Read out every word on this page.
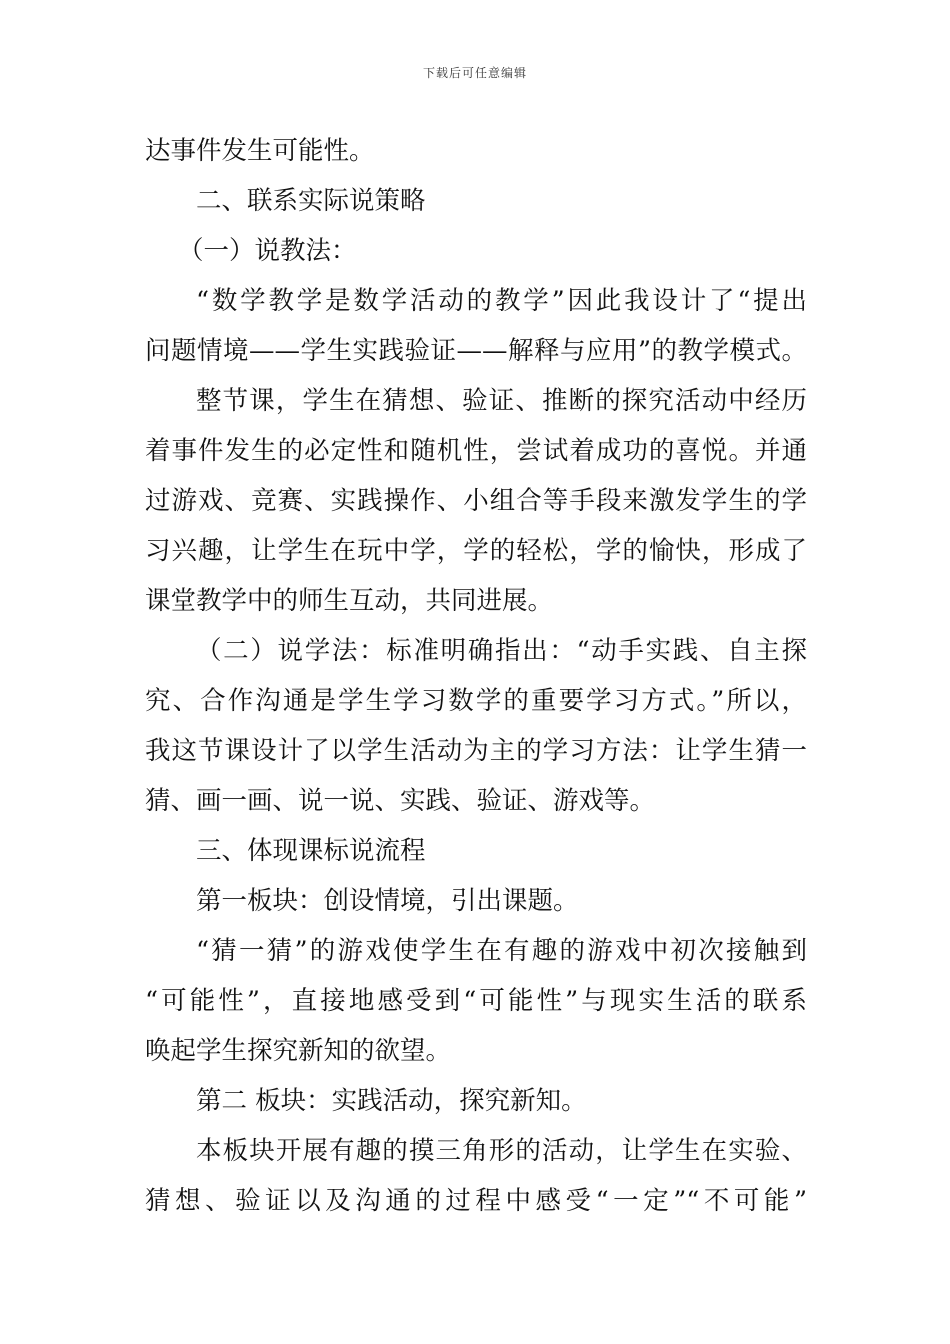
下载后可任意编辑
达事件发生可能性。
二、联系实际说策略
（一）说教法：
“数学教学是数学活动的教学”因此我设计了“提出
问题情境——学生实践验证——解释与应用”的教学模式。
整节课，学生在猜想、验证、推断的探究活动中经历
着事件发生的必定性和随机性，尝试着成功的喜悦。并通
过游戏、竞赛、实践操作、小组合等手段来激发学生的学
习兴趣，让学生在玩中学，学的轻松，学的愉快，形成了
课堂教学中的师生互动，共同进展。
（二）说学法：标准明确指出：“动手实践、自主探
究、合作沟通是学生学习数学的重要学习方式。”所以，
我这节课设计了以学生活动为主的学习方法：让学生猜一
猜、画一画、说一说、实践、验证、游戏等。
三、体现课标说流程
第一板块：创设情境，引出课题。
“猜一猜”的游戏使学生在有趣的游戏中初次接触到
“可能性”，直接地感受到“可能性”与现实生活的联系
唤起学生探究新知的欲望。
第二 板块：实践活动，探究新知。
本板块开展有趣的摸三角形的活动，让学生在实验、
猜想、验证以及沟通的过程中感受“一定”“不可能”
